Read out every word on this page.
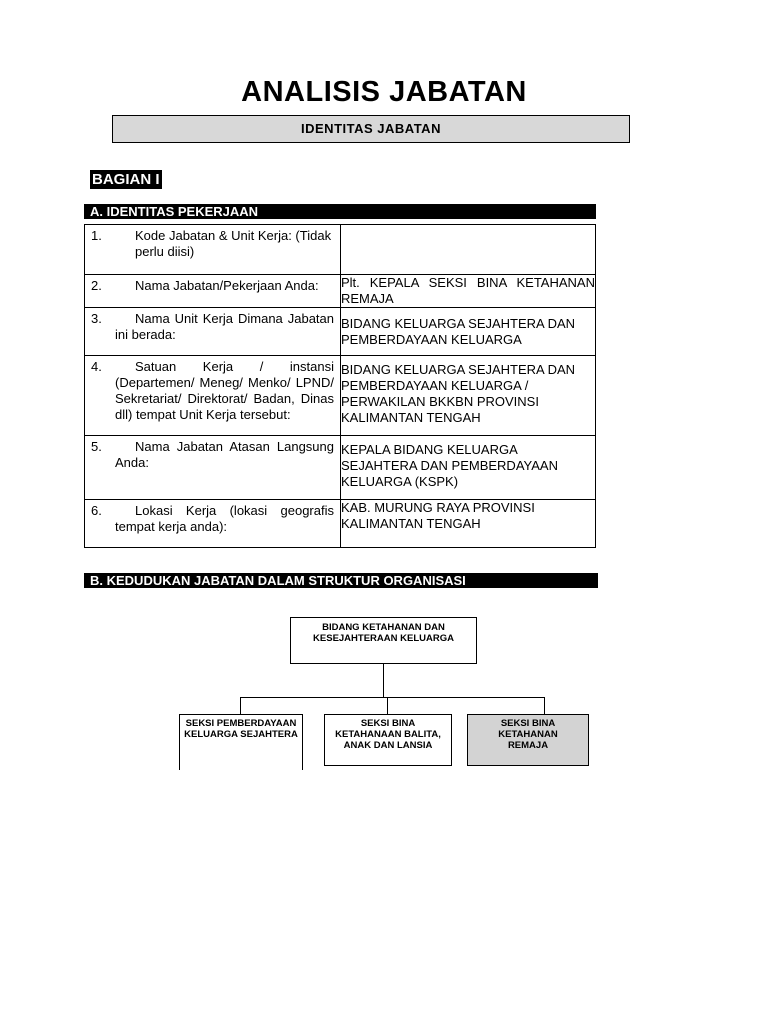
ANALISIS JABATAN
IDENTITAS JABATAN
BAGIAN I
A. IDENTITAS PEKERJAAN
1. Kode Jabatan & Unit Kerja: (Tidak perlu diisi)	

2. Nama Jabatan/Pekerjaan Anda:	Plt. KEPALA SEKSI BINA KETAHANAN REMAJA

3. Nama Unit Kerja Dimana Jabatan ini berada:	BIDANG KELUARGA SEJAHTERA DAN PEMBERDAYAAN KELUARGA

4. Satuan Kerja / instansi (Departemen/ Meneg/ Menko/ LPND/ Sekretariat/ Direktorat/ Badan, Dinas dll) tempat Unit Kerja tersebut:	BIDANG KELUARGA SEJAHTERA DAN PEMBERDAYAAN KELUARGA / PERWAKILAN BKKBN PROVINSI KALIMANTAN TENGAH

5. Nama Jabatan Atasan Langsung Anda:	KEPALA BIDANG KELUARGA SEJAHTERA DAN PEMBERDAYAAN KELUARGA (KSPK)

6. Lokasi Kerja (lokasi geografis tempat kerja anda):	KAB. MURUNG RAYA PROVINSI KALIMANTAN TENGAH
B. KEDUDUKAN JABATAN DALAM STRUKTUR ORGANISASI
BIDANG KETAHANAN DAN KESEJAHTERAAN KELUARGA
SEKSI PEMBERDAYAAN KELUARGA SEJAHTERA
SEKSI BINA KETAHANAAN BALITA, ANAK DAN LANSIA
SEKSI BINA KETAHANAN REMAJA
